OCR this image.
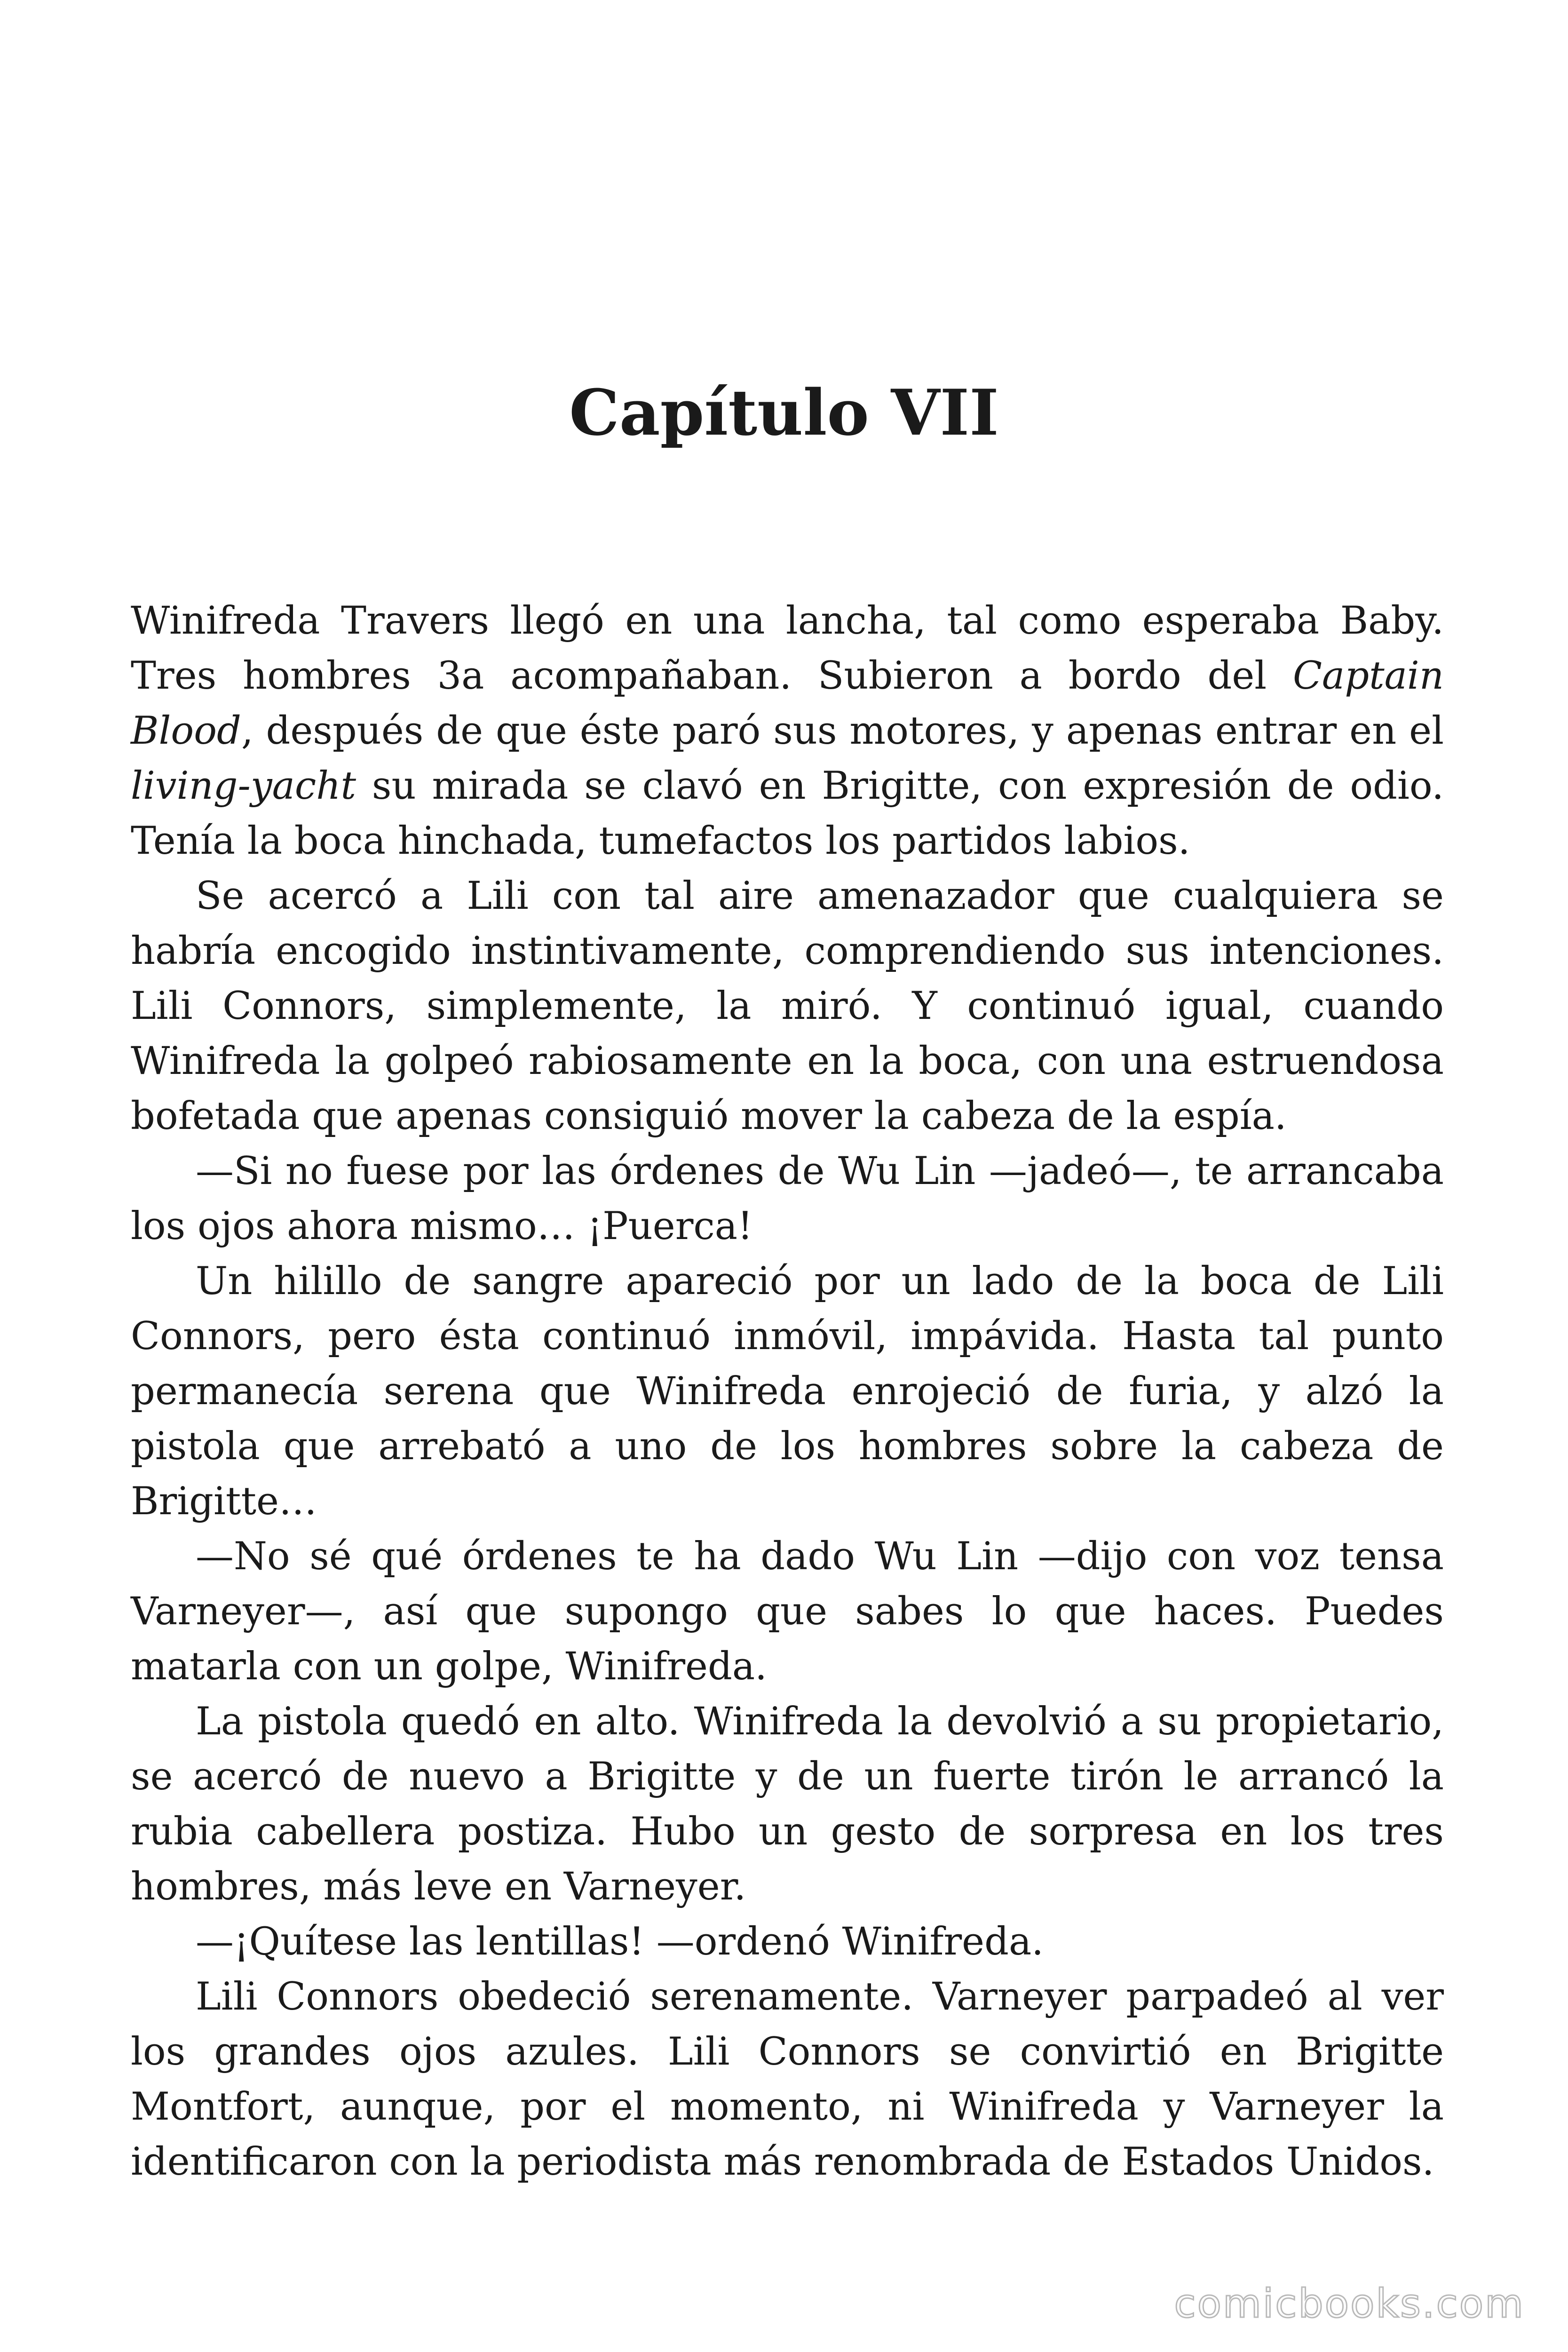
Capítulo VII

Winifreda Travers llegó en una lancha, tal como esperaba Baby. Tres hombres 3a acompañaban. Subieron a bordo del Captain Blood, después de que éste paró sus motores, y apenas entrar en el living-yacht su mirada se clavó en Brigitte, con expresión de odio. Tenía la boca hinchada, tumefactos los partidos labios.

Se acercó a Lili con tal aire amenazador que cualquiera se habría encogido instintivamente, comprendiendo sus intenciones. Lili Connors, simplemente, la miró. Y continuó igual, cuando Winifreda la golpeó rabiosamente en la boca, con una estruendosa bofetada que apenas consiguió mover la cabeza de la espía.

—Si no fuese por las órdenes de Wu Lin —jadeó—, te arrancaba los ojos ahora mismo… ¡Puerca!

Un hilillo de sangre apareció por un lado de la boca de Lili Connors, pero ésta continuó inmóvil, impávida. Hasta tal punto permanecía serena que Winifreda enrojeció de furia, y alzó la pistola que arrebató a uno de los hombres sobre la cabeza de Brigitte…

—No sé qué órdenes te ha dado Wu Lin —dijo con voz tensa Varneyer—, así que supongo que sabes lo que haces. Puedes matarla con un golpe, Winifreda.

La pistola quedó en alto. Winifreda la devolvió a su propietario, se acercó de nuevo a Brigitte y de un fuerte tirón le arrancó la rubia cabellera postiza. Hubo un gesto de sorpresa en los tres hombres, más leve en Varneyer.

—¡Quítese las lentillas! —ordenó Winifreda.

Lili Connors obedeció serenamente. Varneyer parpadeó al ver los grandes ojos azules. Lili Connors se convirtió en Brigitte Montfort, aunque, por el momento, ni Winifreda y Varneyer la identificaron con la periodista más renombrada de Estados Unidos.

comicbooks.com
